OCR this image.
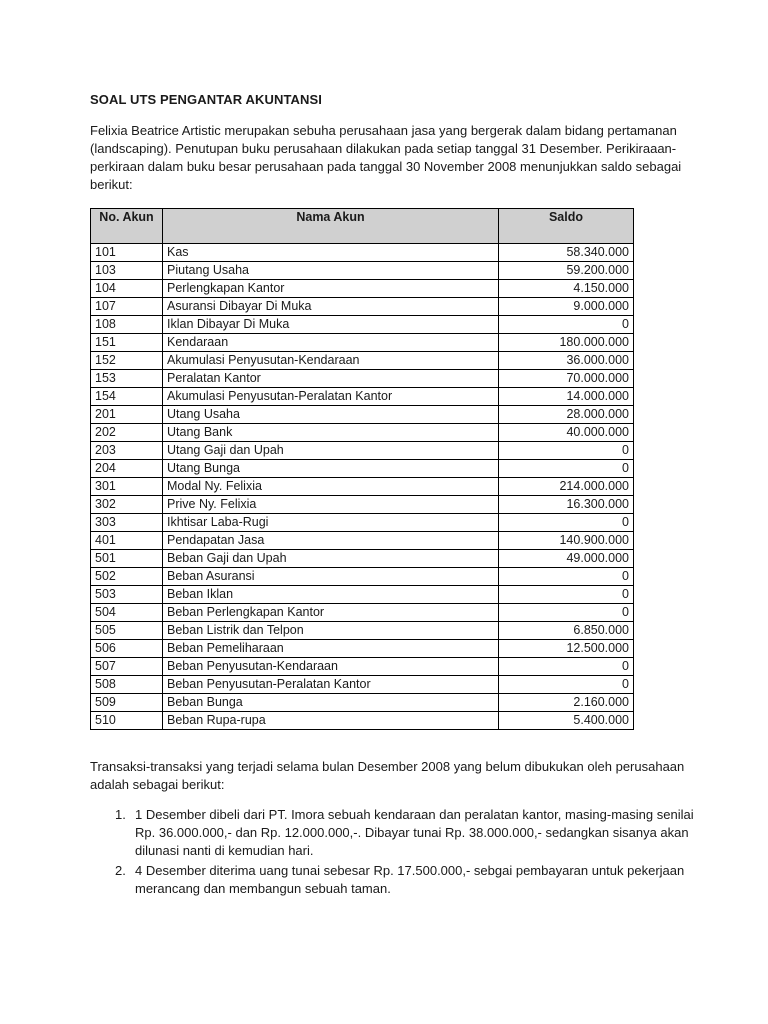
SOAL UTS PENGANTAR AKUNTANSI
Felixia Beatrice Artistic merupakan sebuha perusahaan jasa yang bergerak dalam bidang pertamanan
(landscaping). Penutupan buku perusahaan dilakukan pada setiap tanggal 31 Desember. Perikiraaan-
perkiraan dalam buku besar perusahaan pada tanggal 30 November 2008 menunjukkan saldo sebagai
berikut:
No. Akun	Nama Akun	Saldo
101	Kas	58.340.000
103	Piutang Usaha	59.200.000
104	Perlengkapan Kantor	4.150.000
107	Asuransi Dibayar Di Muka	9.000.000
108	Iklan Dibayar Di Muka	0
151	Kendaraan	180.000.000
152	Akumulasi Penyusutan-Kendaraan	36.000.000
153	Peralatan Kantor	70.000.000
154	Akumulasi Penyusutan-Peralatan Kantor	14.000.000
201	Utang Usaha	28.000.000
202	Utang Bank	40.000.000
203	Utang Gaji dan Upah	0
204	Utang Bunga	0
301	Modal Ny. Felixia	214.000.000
302	Prive Ny. Felixia	16.300.000
303	Ikhtisar Laba-Rugi	0
401	Pendapatan Jasa	140.900.000
501	Beban Gaji dan Upah	49.000.000
502	Beban Asuransi	0
503	Beban Iklan	0
504	Beban Perlengkapan Kantor	0
505	Beban Listrik dan Telpon	6.850.000
506	Beban Pemeliharaan	12.500.000
507	Beban Penyusutan-Kendaraan	0
508	Beban Penyusutan-Peralatan Kantor	0
509	Beban Bunga	2.160.000
510	Beban Rupa-rupa	5.400.000
Transaksi-transaksi yang terjadi selama bulan Desember 2008 yang belum dibukukan oleh perusahaan
adalah sebagai berikut:
1. 1 Desember dibeli dari PT. Imora sebuah kendaraan dan peralatan kantor, masing-masing senilai
Rp. 36.000.000,- dan Rp. 12.000.000,-. Dibayar tunai Rp. 38.000.000,- sedangkan sisanya akan
dilunasi nanti di kemudian hari.
2. 4 Desember diterima uang tunai sebesar Rp. 17.500.000,- sebgai pembayaran untuk pekerjaan
merancang dan membangun sebuah taman.
